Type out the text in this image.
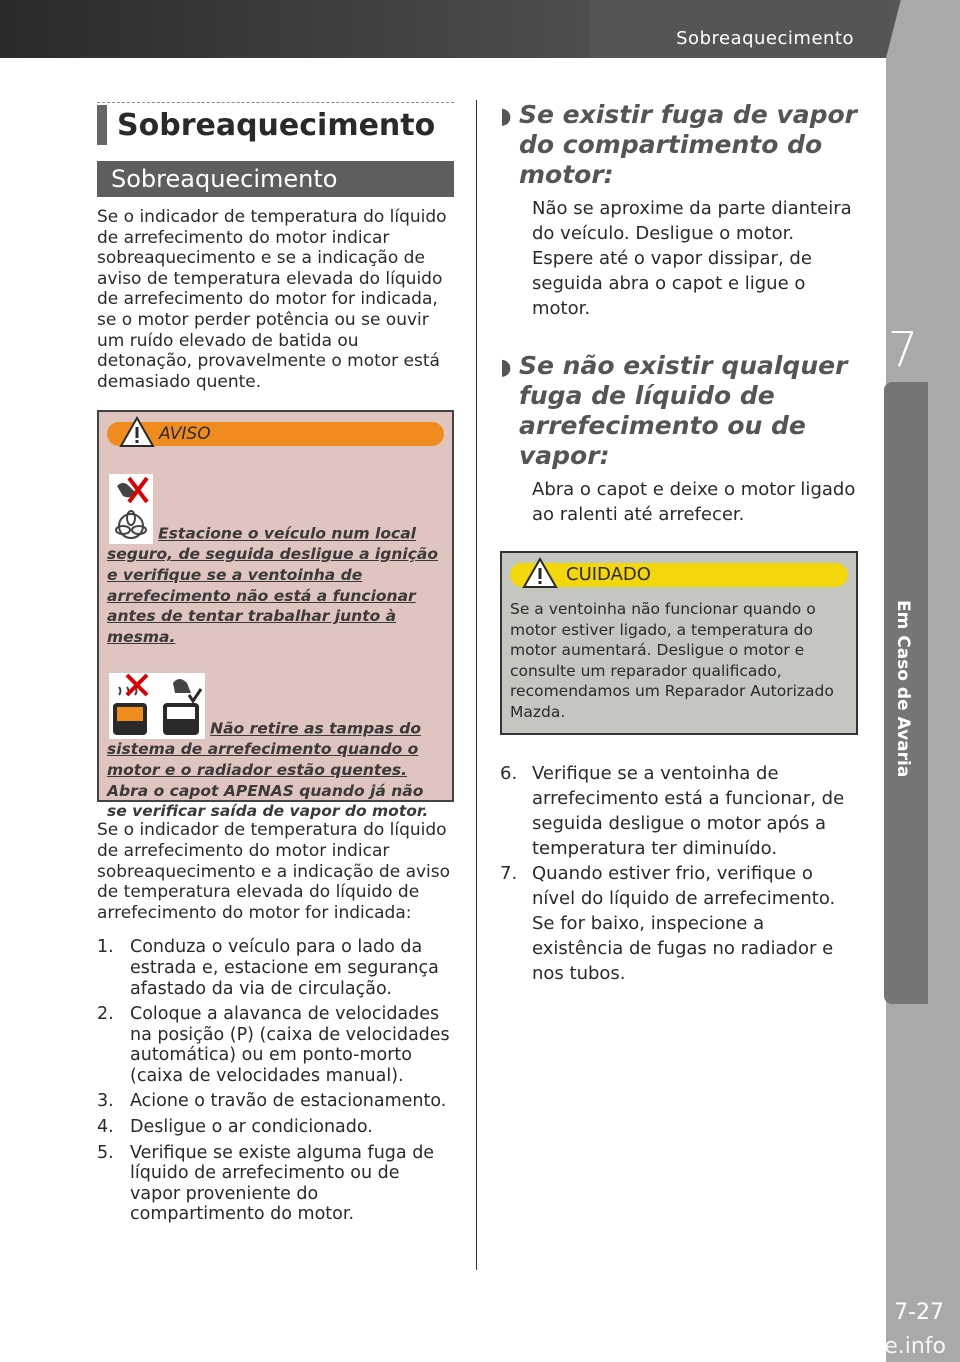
Sobreaquecimento
7
Em Caso de Avaria
7-27
carmanualsonline.info
Sobreaquecimento
Sobreaquecimento

Se o indicador de temperatura do líquido de arrefecimento do motor indicar sobreaquecimento e se a indicação de aviso de temperatura elevada do líquido de arrefecimento do motor for indicada, se o motor perder potência ou se ouvir um ruído elevado de batida ou detonação, provavelmente o motor está demasiado quente.

AVISO
Estacione o veículo num local seguro, de seguida desligue a ignição e verifique se a ventoinha de arrefecimento não está a funcionar antes de tentar trabalhar junto à mesma.
Não retire as tampas do sistema de arrefecimento quando o motor e o radiador estão quentes.
Abra o capot APENAS quando já não se verificar saída de vapor do motor.

Se o indicador de temperatura do líquido de arrefecimento do motor indicar sobreaquecimento e a indicação de aviso de temperatura elevada do líquido de arrefecimento do motor for indicada:

1. Conduza o veículo para o lado da estrada e, estacione em segurança afastado da via de circulação.
2. Coloque a alavanca de velocidades na posição (P) (caixa de velocidades automática) ou em ponto-morto (caixa de velocidades manual).
3. Acione o travão de estacionamento.
4. Desligue o ar condicionado.
5. Verifique se existe alguma fuga de líquido de arrefecimento ou de vapor proveniente do compartimento do motor.
◗ Se existir fuga de vapor do compartimento do motor:

Não se aproxime da parte dianteira do veículo. Desligue o motor. Espere até o vapor dissipar, de seguida abra o capot e ligue o motor.

◗ Se não existir qualquer fuga de líquido de arrefecimento ou de vapor:

Abra o capot e deixe o motor ligado ao ralenti até arrefecer.

CUIDADO
Se a ventoinha não funcionar quando o motor estiver ligado, a temperatura do motor aumentará. Desligue o motor e consulte um reparador qualificado, recomendamos um Reparador Autorizado Mazda.
6. Verifique se a ventoinha de arrefecimento está a funcionar, de seguida desligue o motor após a temperatura ter diminuído.
7. Quando estiver frio, verifique o nível do líquido de arrefecimento. Se for baixo, inspecione a existência de fugas no radiador e nos tubos.
